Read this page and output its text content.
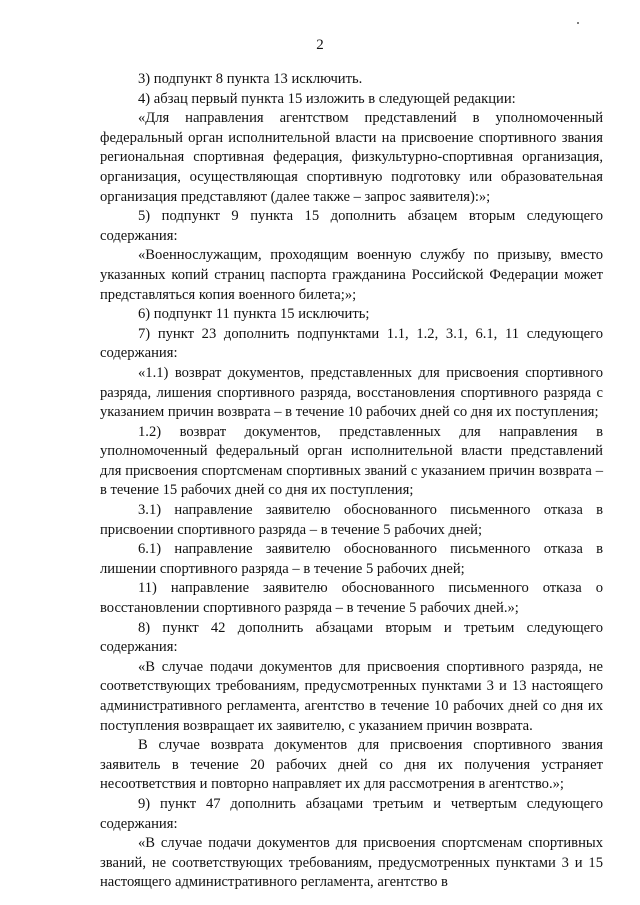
2

3) подпункт 8 пункта 13 исключить.

4) абзац первый пункта 15 изложить в следующей редакции:

«Для направления агентством представлений в уполномоченный федеральный орган исполнительной власти на присвоение спортивного звания региональная спортивная федерация, физкультурно-спортивная организация, организация, осуществляющая спортивную подготовку или образовательная организация представляют (далее также – запрос заявителя):»;

5) подпункт 9 пункта 15 дополнить абзацем вторым следующего содержания:

«Военнослужащим, проходящим военную службу по призыву, вместо указанных копий страниц паспорта гражданина Российской Федерации может представляться копия военного билета;»;

6) подпункт 11 пункта 15 исключить;

7) пункт 23 дополнить подпунктами 1.1, 1.2, 3.1, 6.1, 11 следующего содержания:

«1.1) возврат документов, представленных для присвоения спортивного разряда, лишения спортивного разряда, восстановления спортивного разряда с указанием причин возврата – в течение 10 рабочих дней со дня их поступления;

1.2) возврат документов, представленных для направления в уполномоченный федеральный орган исполнительной власти представлений для присвоения спортсменам спортивных званий с указанием причин возврата – в течение 15 рабочих дней со дня их поступления;

3.1) направление заявителю обоснованного письменного отказа в присвоении спортивного разряда – в течение 5 рабочих дней;

6.1) направление заявителю обоснованного письменного отказа в лишении спортивного разряда – в течение 5 рабочих дней;

11) направление заявителю обоснованного письменного отказа о восстановлении спортивного разряда – в течение 5 рабочих дней.»;

8) пункт 42 дополнить абзацами вторым и третьим следующего содержания:

«В случае подачи документов для присвоения спортивного разряда, не соответствующих требованиям, предусмотренных пунктами 3 и 13 настоящего административного регламента, агентство в течение 10 рабочих дней со дня их поступления возвращает их заявителю, с указанием причин возврата.

В случае возврата документов для присвоения спортивного звания заявитель в течение 20 рабочих дней со дня их получения устраняет несоответствия и повторно направляет их для рассмотрения в агентство.»;

9) пункт 47 дополнить абзацами третьим и четвертым следующего содержания:

«В случае подачи документов для присвоения спортсменам спортивных званий, не соответствующих требованиям, предусмотренных пунктами 3 и 15 настоящего административного регламента, агентство в
